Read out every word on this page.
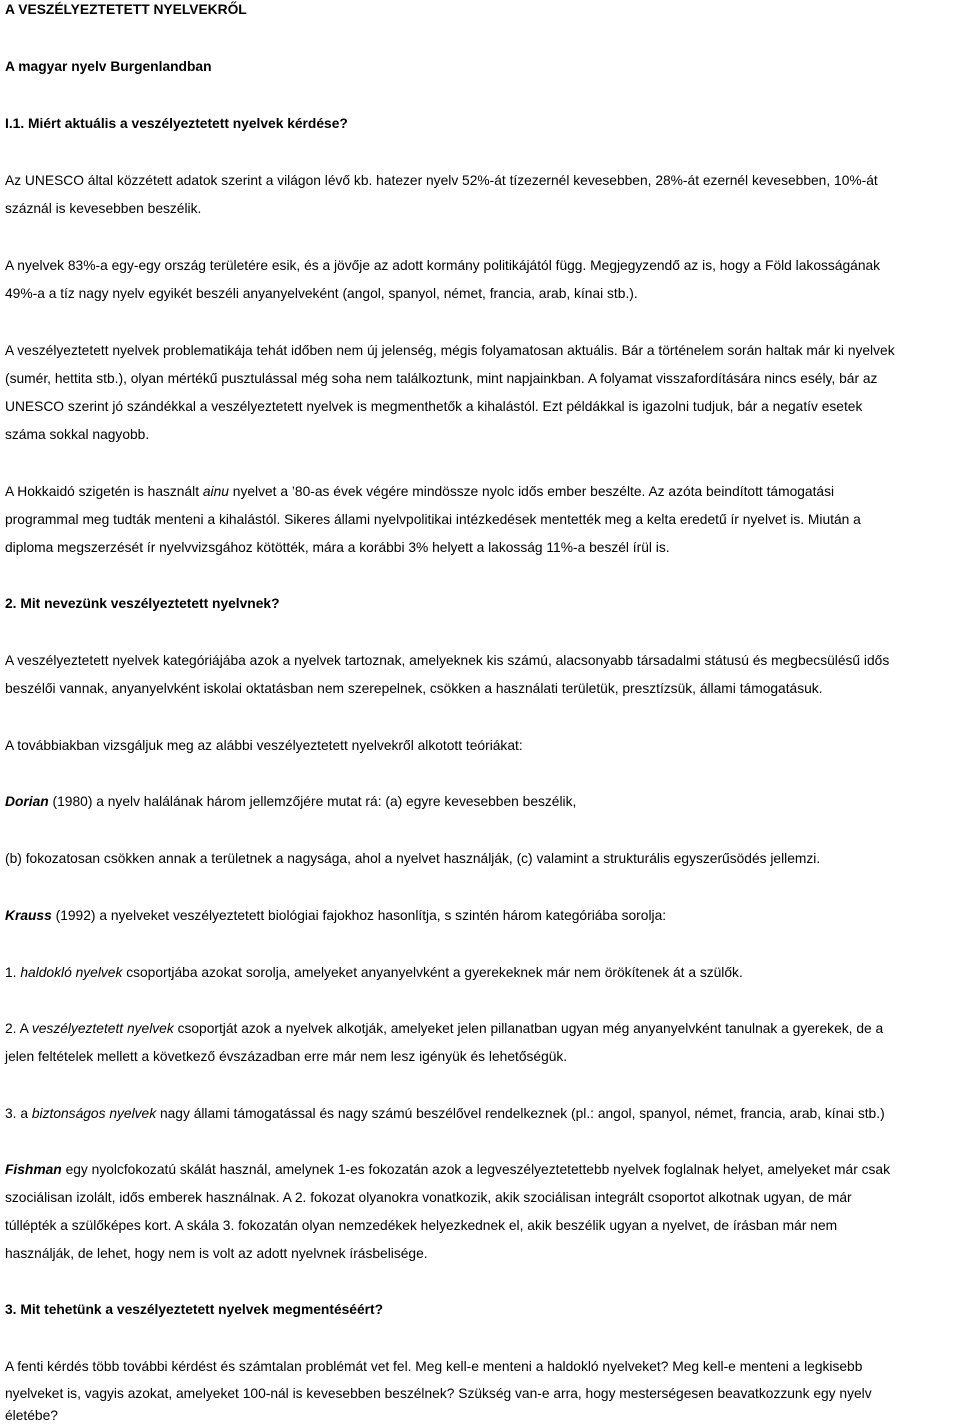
A VESZÉLYEZTETETT NYELVEKRŐL
A magyar nyelv Burgenlandban
I.1. Miért aktuális a veszélyeztetett nyelvek kérdése?
Az UNESCO által közzétett adatok szerint a világon lévő kb. hatezer nyelv 52%-át tízezernél kevesebben, 28%-át ezernél kevesebben, 10%-át
száznál is kevesebben beszélik.
A nyelvek 83%-a egy-egy ország területére esik, és a jövője az adott kormány politikájától függ. Megjegyzendő az is, hogy a Föld lakosságának
49%-a a tíz nagy nyelv egyikét beszéli anyanyelveként (angol, spanyol, német, francia, arab, kínai stb.).
A veszélyeztetett nyelvek problematikája tehát időben nem új jelenség, mégis folyamatosan aktuális. Bár a történelem során haltak már ki nyelvek
(sumér, hettita stb.), olyan mértékű pusztulással még soha nem találkoztunk, mint napjainkban. A folyamat visszafordítására nincs esély, bár az
UNESCO szerint jó szándékkal a veszélyeztetett nyelvek is megmenthetők a kihalástól. Ezt példákkal is igazolni tudjuk, bár a negatív esetek
száma sokkal nagyobb.
A Hokkaidó szigetén is használt ainu nyelvet a ’80-as évek végére mindössze nyolc idős ember beszélte. Az azóta beindított támogatási
programmal meg tudták menteni a kihalástól. Sikeres állami nyelvpolitikai intézkedések mentették meg a kelta eredetű ír nyelvet is. Miután a
diploma megszerzését ír nyelvvizsgához kötötték, mára a korábbi 3% helyett a lakosság 11%-a beszél írül is.
2. Mit nevezünk veszélyeztetett nyelvnek?
A veszélyeztetett nyelvek kategóriájába azok a nyelvek tartoznak, amelyeknek kis számú, alacsonyabb társadalmi státusú és megbecsülésű idős
beszélői vannak, anyanyelvként iskolai oktatásban nem szerepelnek, csökken a használati területük, presztízsük, állami támogatásuk.
A továbbiakban vizsgáljuk meg az alábbi veszélyeztetett nyelvekről alkotott teóriákat:
Dorian (1980) a nyelv halálának három jellemzőjére mutat rá: (a) egyre kevesebben beszélik,
(b) fokozatosan csökken annak a területnek a nagysága, ahol a nyelvet használják, (c) valamint a strukturális egyszerűsödés jellemzi.
Krauss (1992) a nyelveket veszélyeztetett biológiai fajokhoz hasonlítja, s szintén három kategóriába sorolja:
1. haldokló nyelvek csoportjába azokat sorolja, amelyeket anyanyelvként a gyerekeknek már nem örökítenek át a szülők.
2. A veszélyeztetett nyelvek csoportját azok a nyelvek alkotják, amelyeket jelen pillanatban ugyan még anyanyelvként tanulnak a gyerekek, de a
jelen feltételek mellett a következő évszázadban erre már nem lesz igényük és lehetőségük.
3. a biztonságos nyelvek nagy állami támogatással és nagy számú beszélővel rendelkeznek (pl.: angol, spanyol, német, francia, arab, kínai stb.)
Fishman egy nyolcfokozatú skálát használ, amelynek 1-es fokozatán azok a legveszélyeztetettebb nyelvek foglalnak helyet, amelyeket már csak
szociálisan izolált, idős emberek használnak. A 2. fokozat olyanokra vonatkozik, akik szociálisan integrált csoportot alkotnak ugyan, de már
túllépték a szülőképes kort. A skála 3. fokozatán olyan nemzedékek helyezkednek el, akik beszélik ugyan a nyelvet, de írásban már nem
használják, de lehet, hogy nem is volt az adott nyelvnek írásbelisége.
3. Mit tehetünk a veszélyeztetett nyelvek megmentéséért?
A fenti kérdés több további kérdést és számtalan problémát vet fel. Meg kell-e menteni a haldokló nyelveket? Meg kell-e menteni a legkisebb
nyelveket is, vagyis azokat, amelyeket 100-nál is kevesebben beszélnek? Szükség van-e arra, hogy mesterségesen beavatkozzunk egy nyelv
életébe?
